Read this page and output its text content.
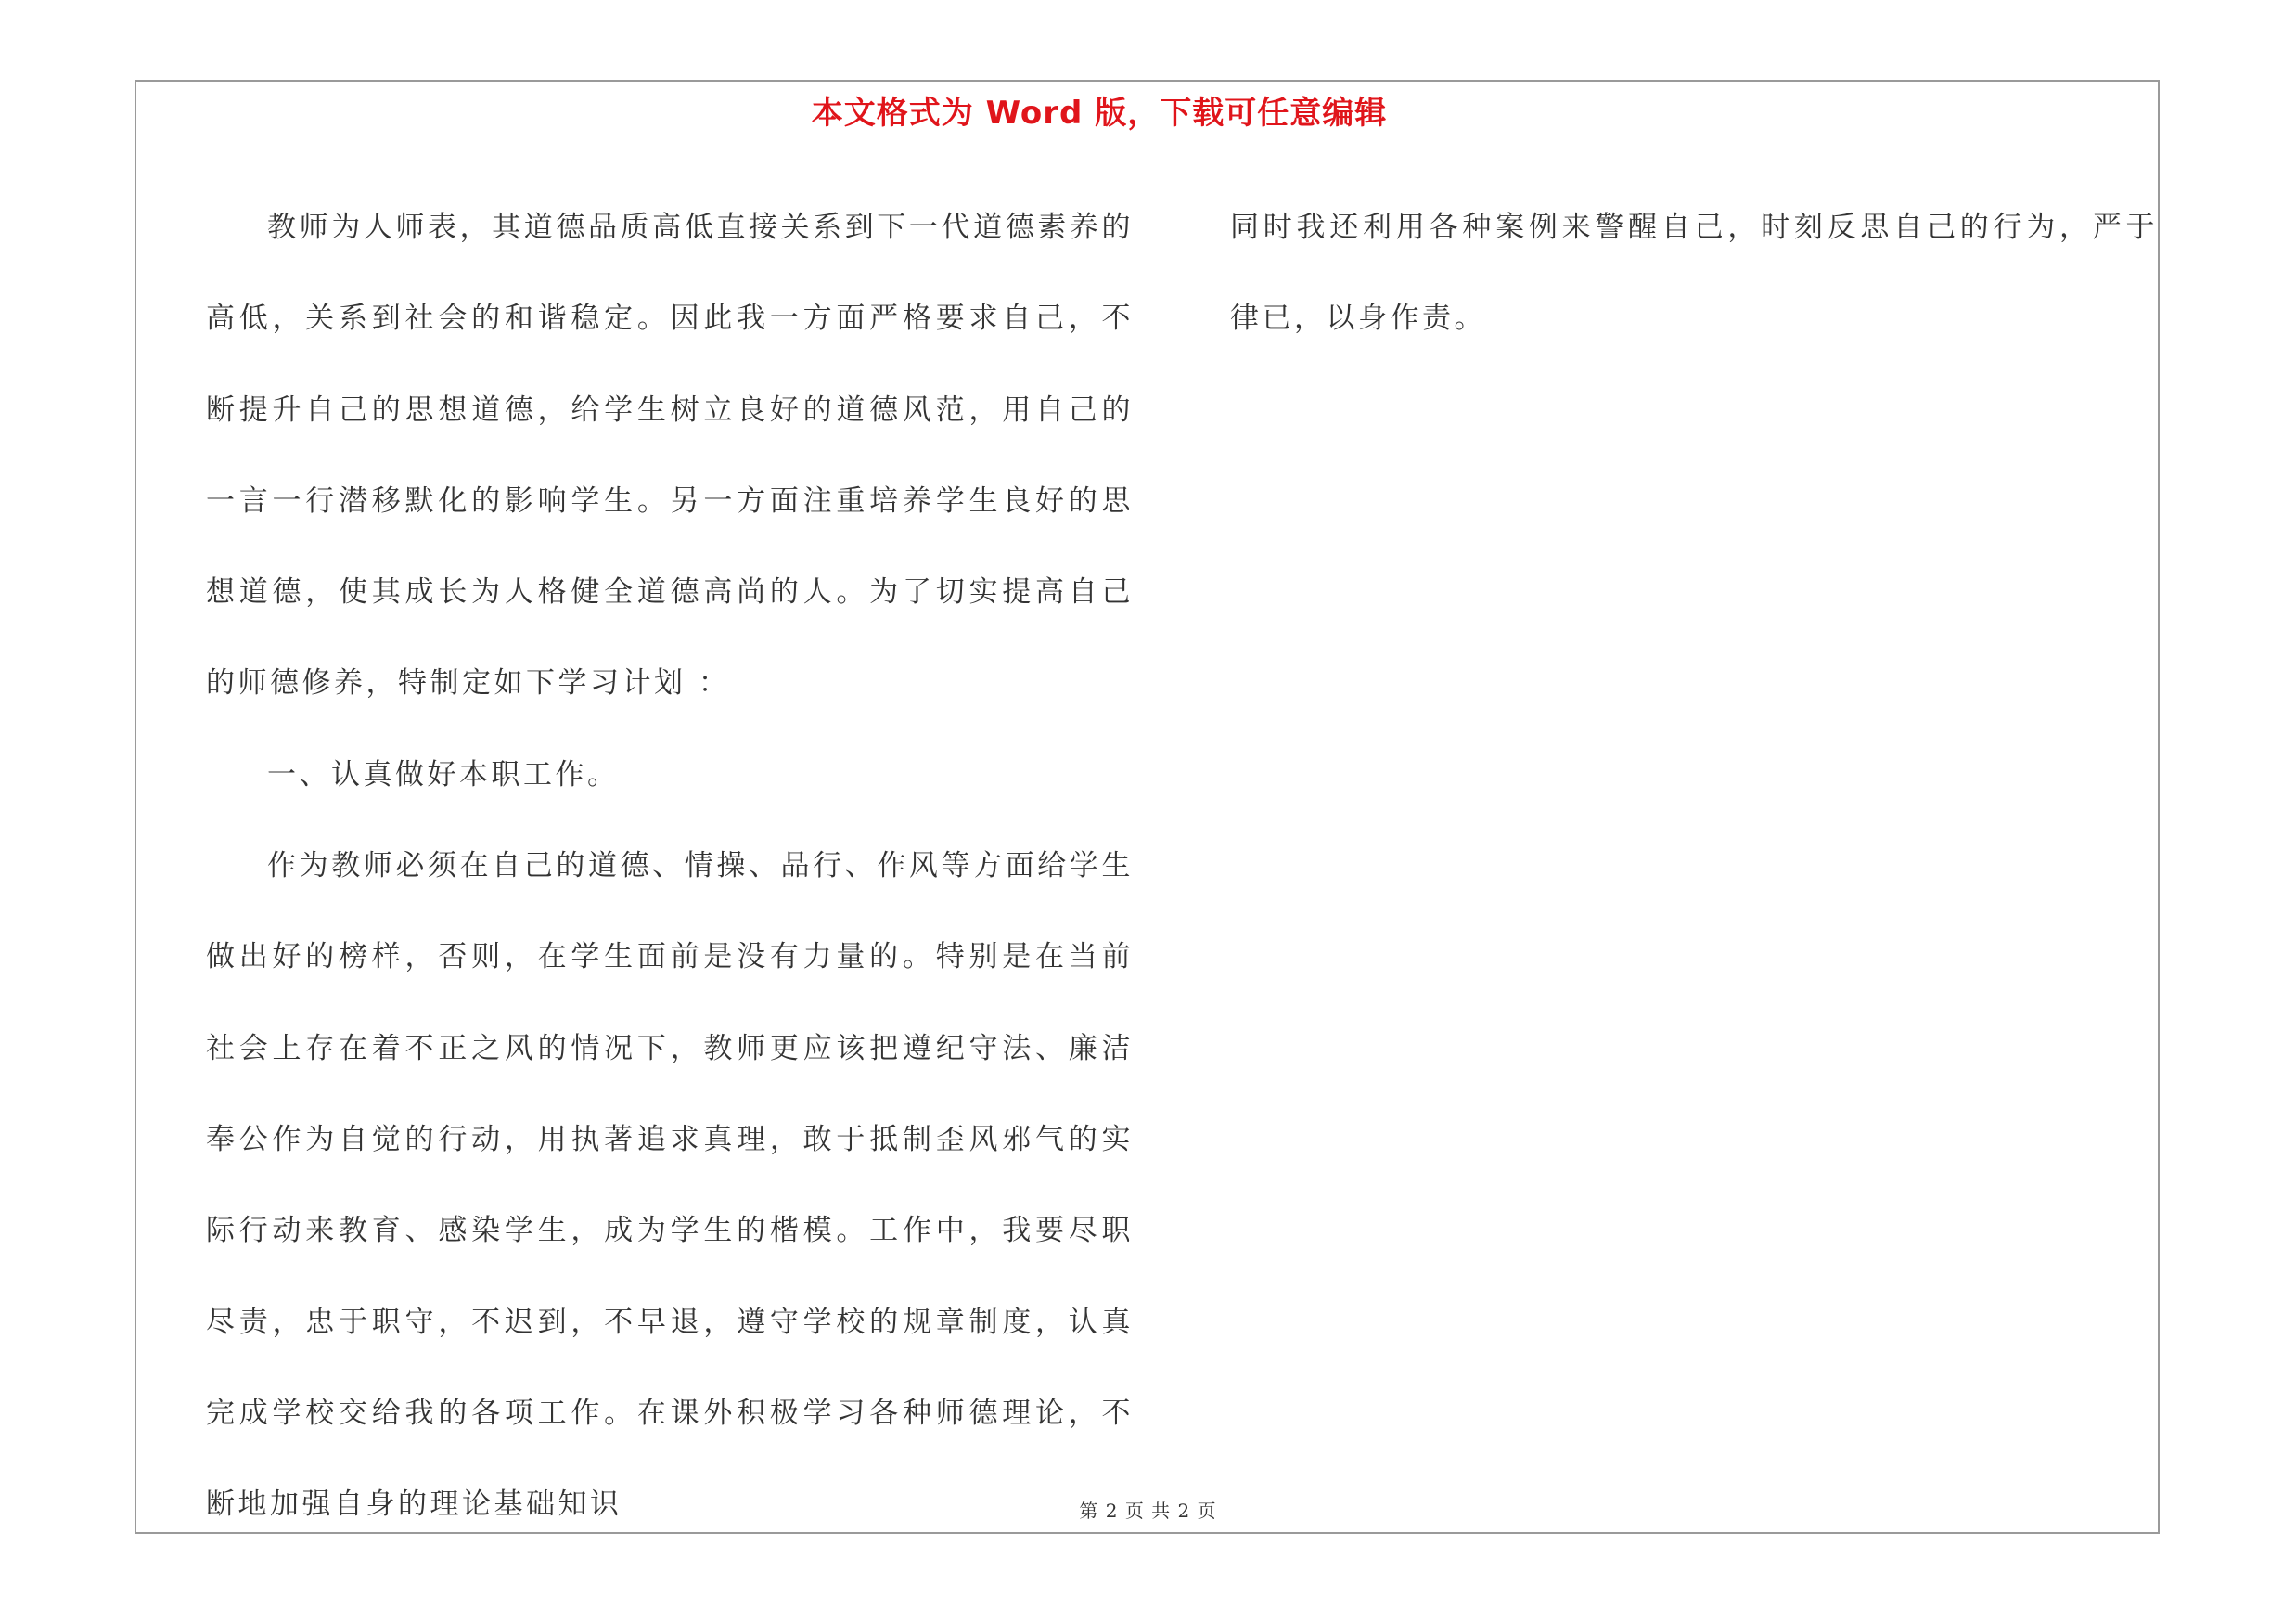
本文格式为 Word 版，下载可任意编辑

教师为人师表，其道德品质高低直接关系到下一代道德素养的高低，关系到社会的和谐稳定。因此我一方面严格要求自己，不断提升自己的思想道德，给学生树立良好的道德风范，用自己的一言一行潜移默化的影响学生。另一方面注重培养学生良好的思想道德，使其成长为人格健全道德高尚的人。为了切实提高自己的师德修养，特制定如下学习计划 ：

一、认真做好本职工作。

作为教师必须在自己的道德、情操、品行、作风等方面给学生做出好的榜样，否则，在学生面前是没有力量的。特别是在当前社会上存在着不正之风的情况下，教师更应该把遵纪守法、廉洁奉公作为自觉的行动，用执著追求真理，敢于抵制歪风邪气的实际行动来教育、感染学生，成为学生的楷模。工作中，我要尽职尽责，忠于职守，不迟到，不早退，遵守学校的规章制度，认真完成学校交给我的各项工作。在课外积极学习各种师德理论，不断地加强自身的理论基础知识

同时我还利用各种案例来警醒自己，时刻反思自己的行为，严于律已，以身作责。

第 2 页 共 2 页
